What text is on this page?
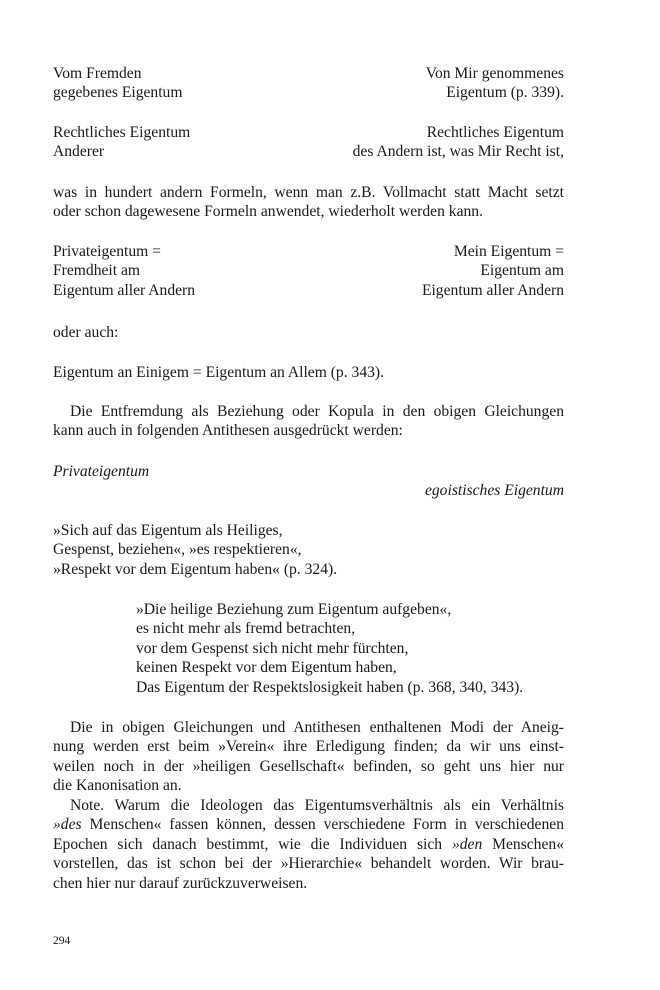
Vom Fremden	Von Mir genommenes
gegebenes Eigentum	Eigentum (p. 339).
Rechtliches Eigentum	Rechtliches Eigentum
Anderer	des Andern ist, was Mir Recht ist,
was in hundert andern Formeln, wenn man z.B. Vollmacht statt Macht setzt
oder schon dagewesene Formeln anwendet, wiederholt werden kann.
Privateigentum =	Mein Eigentum =
Fremdheit am	Eigentum am
Eigentum aller Andern	Eigentum aller Andern
oder auch:
Eigentum an Einigem = Eigentum an Allem (p. 343).
Die Entfremdung als Beziehung oder Kopula in den obigen Gleichungen
kann auch in folgenden Antithesen ausgedrückt werden:
Privateigentum
egoistisches Eigentum
»Sich auf das Eigentum als Heiliges,
Gespenst, beziehen«, »es respektieren«,
»Respekt vor dem Eigentum haben« (p. 324).
»Die heilige Beziehung zum Eigentum aufgeben«,
es nicht mehr als fremd betrachten,
vor dem Gespenst sich nicht mehr fürchten,
keinen Respekt vor dem Eigentum haben,
Das Eigentum der Respektslosigkeit haben (p. 368, 340, 343).
Die in obigen Gleichungen und Antithesen enthaltenen Modi der Aneig-
nung werden erst beim »Verein« ihre Erledigung finden; da wir uns einst-
weilen noch in der »heiligen Gesellschaft« befinden, so geht uns hier nur
die Kanonisation an.
Note. Warum die Ideologen das Eigentumsverhältnis als ein Verhältnis
»des Menschen« fassen können, dessen verschiedene Form in verschiedenen
Epochen sich danach bestimmt, wie die Individuen sich »den Menschen«
vorstellen, das ist schon bei der »Hierarchie« behandelt worden. Wir brau-
chen hier nur darauf zurückzuverweisen.
294
